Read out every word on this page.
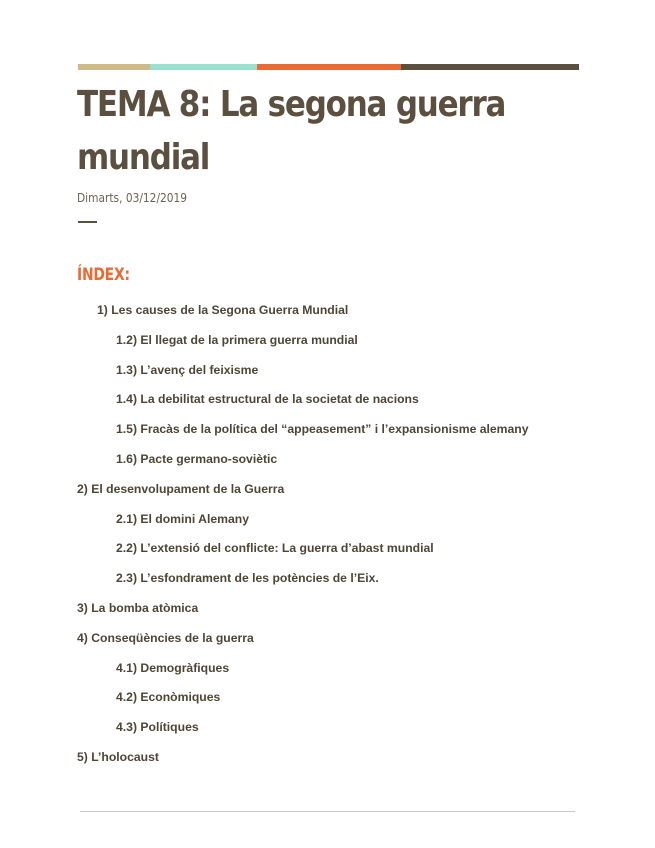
TEMA 8: La segona guerra mundial

Dimarts, 03/12/2019

ÍNDEX:
1) Les causes de la Segona Guerra Mundial
1.2) El llegat de la primera guerra mundial
1.3) L’avenç del feixisme
1.4) La debilitat estructural de la societat de nacions
1.5) Fracàs de la política del “appeasement” i l’expansionisme alemany
1.6) Pacte germano-soviètic
2) El desenvolupament de la Guerra
2.1) El domini Alemany
2.2) L’extensió del conflicte: La guerra d’abast mundial
2.3) L’esfondrament de les potències de l’Eix.
3) La bomba atòmica
4) Conseqüències de la guerra
4.1) Demogràfiques
4.2) Econòmiques
4.3) Polítiques
5) L’holocaust
